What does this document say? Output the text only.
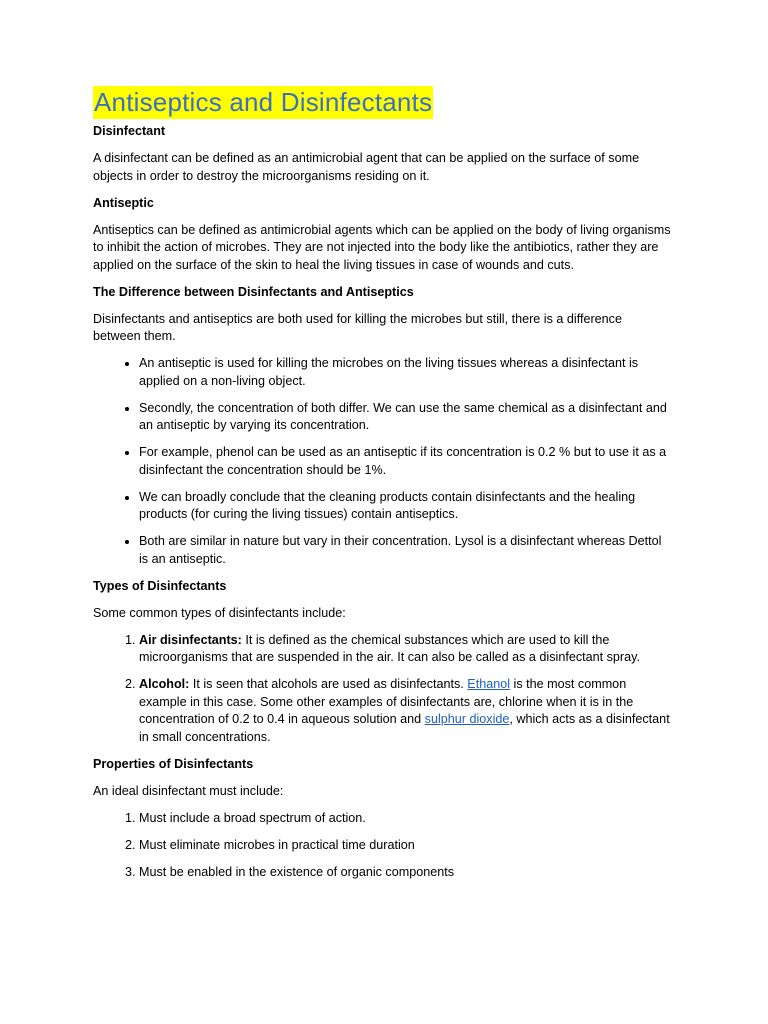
Antiseptics and Disinfectants
Disinfectant

A disinfectant can be defined as an antimicrobial agent that can be applied on the surface of some objects in order to destroy the microorganisms residing on it.

Antiseptic

Antiseptics can be defined as antimicrobial agents which can be applied on the body of living organisms to inhibit the action of microbes. They are not injected into the body like the antibiotics, rather they are applied on the surface of the skin to heal the living tissues in case of wounds and cuts.

The Difference between Disinfectants and Antiseptics

Disinfectants and antiseptics are both used for killing the microbes but still, there is a difference between them.

• An antiseptic is used for killing the microbes on the living tissues whereas a disinfectant is applied on a non-living object.
• Secondly, the concentration of both differ. We can use the same chemical as a disinfectant and an antiseptic by varying its concentration.
• For example, phenol can be used as an antiseptic if its concentration is 0.2 % but to use it as a disinfectant the concentration should be 1%.
• We can broadly conclude that the cleaning products contain disinfectants and the healing products (for curing the living tissues) contain antiseptics.
• Both are similar in nature but vary in their concentration. Lysol is a disinfectant whereas Dettol is an antiseptic.
Types of Disinfectants

Some common types of disinfectants include:

1. Air disinfectants: It is defined as the chemical substances which are used to kill the microorganisms that are suspended in the air. It can also be called as a disinfectant spray.
2. Alcohol: It is seen that alcohols are used as disinfectants. Ethanol is the most common example in this case. Some other examples of disinfectants are, chlorine when it is in the concentration of 0.2 to 0.4 in aqueous solution and sulphur dioxide, which acts as a disinfectant in small concentrations.
Properties of Disinfectants

An ideal disinfectant must include:

1. Must include a broad spectrum of action.
2. Must eliminate microbes in practical time duration
3. Must be enabled in the existence of organic components
